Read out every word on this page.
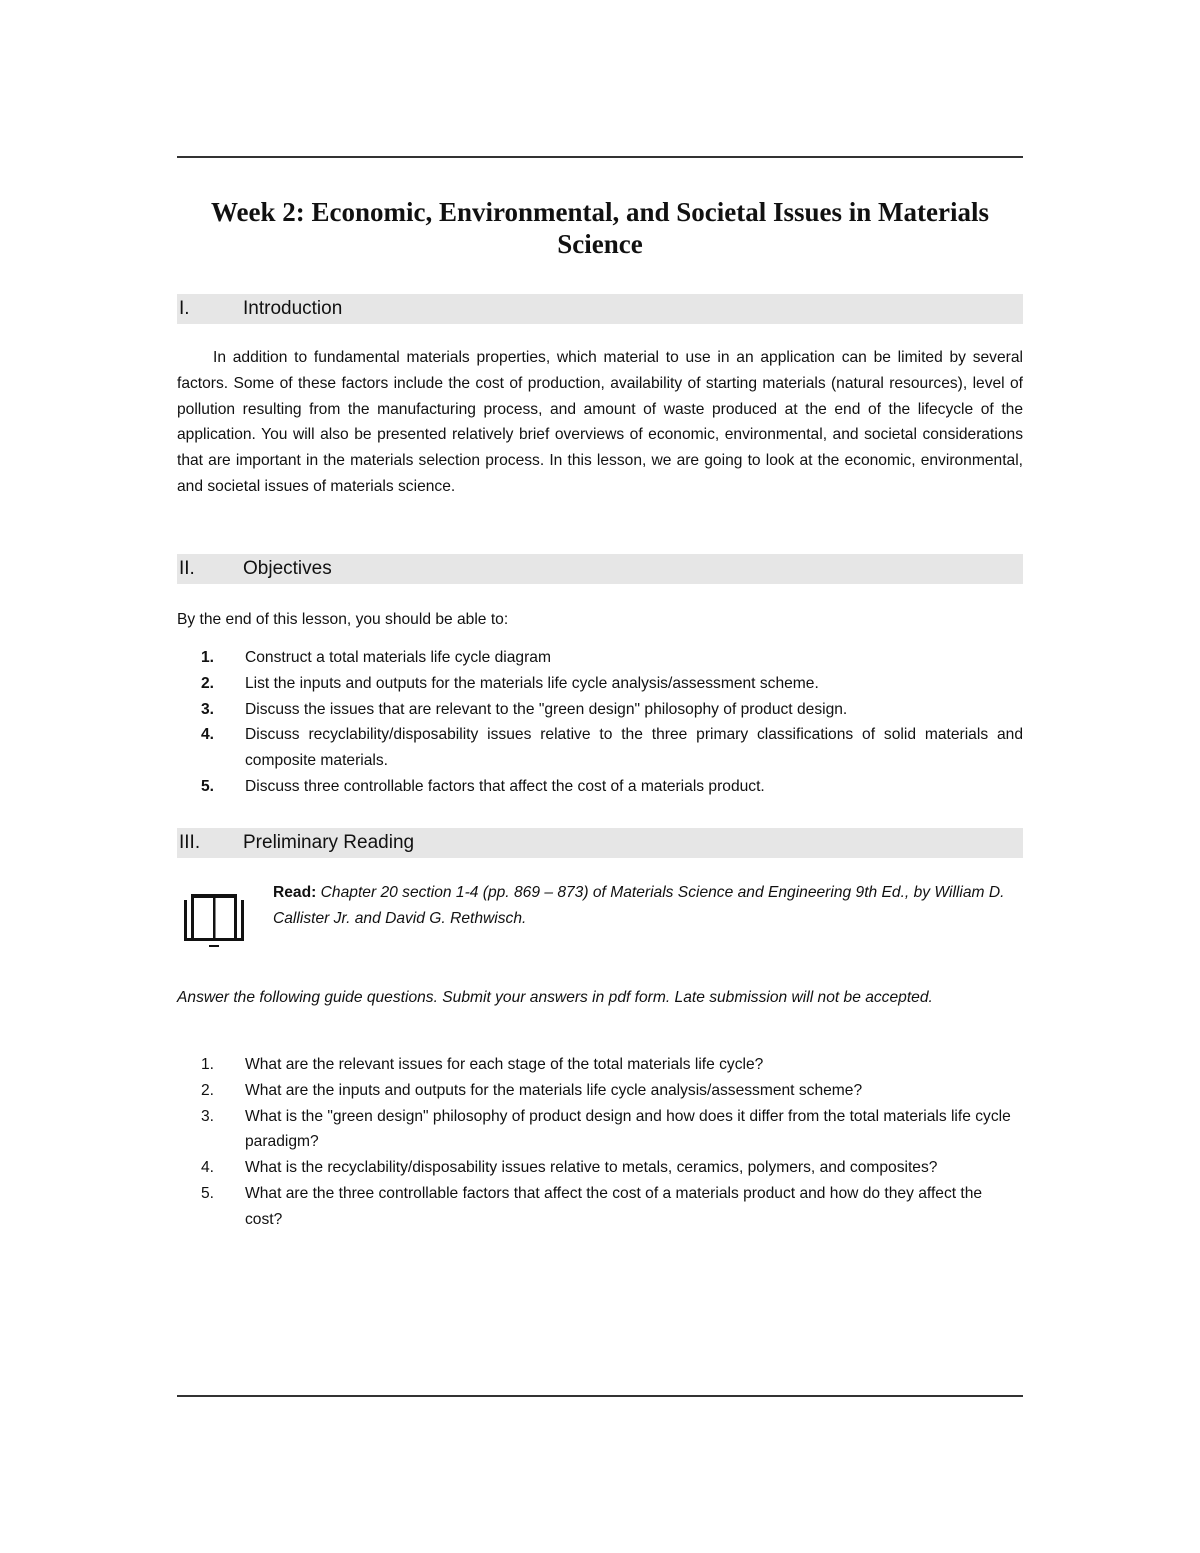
Week 2: Economic, Environmental, and Societal Issues in Materials Science
I.	Introduction

In addition to fundamental materials properties, which material to use in an application can be limited by several factors. Some of these factors include the cost of production, availability of starting materials (natural resources), level of pollution resulting from the manufacturing process, and amount of waste produced at the end of the lifecycle of the application. You will also be presented relatively brief overviews of economic, environmental, and societal considerations that are important in the materials selection process. In this lesson, we are going to look at the economic, environmental, and societal issues of materials science.

II.	Objectives
By the end of this lesson, you should be able to:
1. Construct a total materials life cycle diagram
2. List the inputs and outputs for the materials life cycle analysis/assessment scheme.
3. Discuss the issues that are relevant to the "green design" philosophy of product design.
4. Discuss recyclability/disposability issues relative to the three primary classifications of solid materials and composite materials.
5. Discuss three controllable factors that affect the cost of a materials product.
III. Preliminary Reading
Read: Chapter 20 section 1-4 (pp. 869 – 873) of Materials Science and Engineering 9th Ed., by William D. Callister Jr. and David G. Rethwisch.

Answer the following guide questions. Submit your answers in pdf form. Late submission will not be accepted.

1. What are the relevant issues for each stage of the total materials life cycle?
2. What are the inputs and outputs for the materials life cycle analysis/assessment scheme?
3. What is the "green design" philosophy of product design and how does it differ from the total materials life cycle paradigm?
4. What is the recyclability/disposability issues relative to metals, ceramics, polymers, and composites?
5. What are the three controllable factors that affect the cost of a materials product and how do they affect the cost?
